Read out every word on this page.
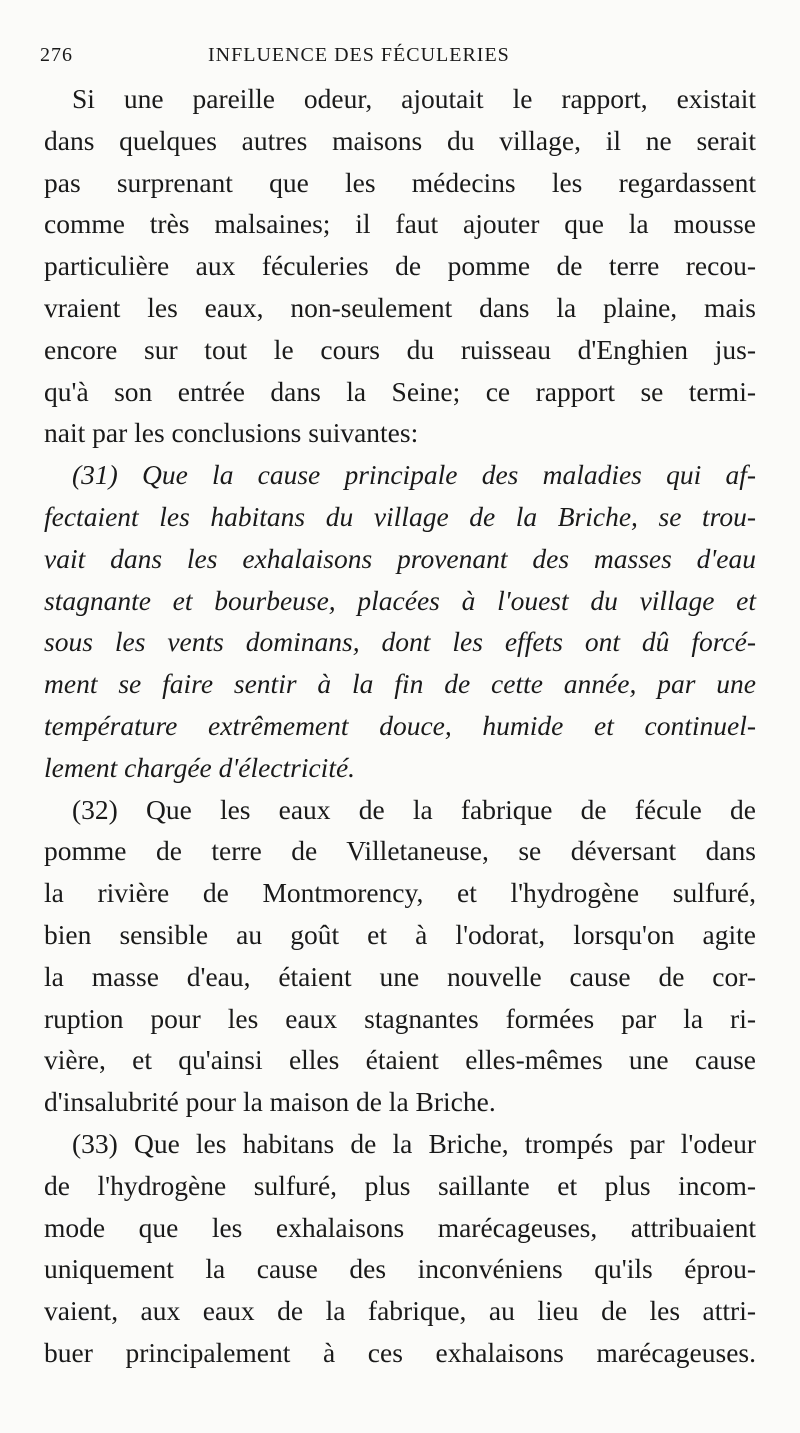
276	INFLUENCE DES FÉCULERIES
Si une pareille odeur, ajoutait le rapport, existait
dans quelques autres maisons du village, il ne serait
pas surprenant que les médecins les regardassent
comme très malsaines; il faut ajouter que la mousse
particulière aux féculeries de pomme de terre recou-
vraient les eaux, non-seulement dans la plaine, mais
encore sur tout le cours du ruisseau d'Enghien jus-
qu'à son entrée dans la Seine; ce rapport se termi-
nait par les conclusions suivantes:
(31) Que la cause principale des maladies qui af-
fectaient les habitans du village de la Briche, se trou-
vait dans les exhalaisons provenant des masses d'eau
stagnante et bourbeuse, placées à l'ouest du village et
sous les vents dominans, dont les effets ont dû forcé-
ment se faire sentir à la fin de cette année, par une
température extrêmement douce, humide et continuel-
lement chargée d'électricité.
(32) Que les eaux de la fabrique de fécule de
pomme de terre de Villetaneuse, se déversant dans
la rivière de Montmorency, et l'hydrogène sulfuré,
bien sensible au goût et à l'odorat, lorsqu'on agite
la masse d'eau, étaient une nouvelle cause de cor-
ruption pour les eaux stagnantes formées par la ri-
vière, et qu'ainsi elles étaient elles-mêmes une cause
d'insalubrité pour la maison de la Briche.
(33) Que les habitans de la Briche, trompés par l'odeur
de l'hydrogène sulfuré, plus saillante et plus incom-
mode que les exhalaisons marécageuses, attribuaient
uniquement la cause des inconvéniens qu'ils éprou-
vaient, aux eaux de la fabrique, au lieu de les attri-
buer principalement à ces exhalaisons marécageuses.
